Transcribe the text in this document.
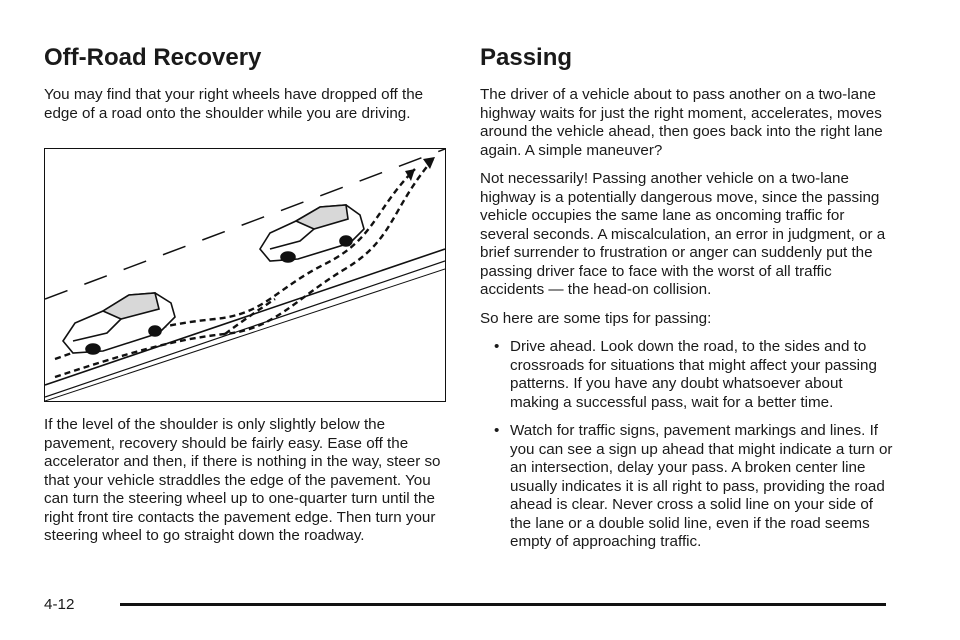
Off-Road Recovery

You may find that your right wheels have dropped off the edge of a road onto the shoulder while you are driving.

If the level of the shoulder is only slightly below the pavement, recovery should be fairly easy. Ease off the accelerator and then, if there is nothing in the way, steer so that your vehicle straddles the edge of the pavement. You can turn the steering wheel up to one-quarter turn until the right front tire contacts the pavement edge. Then turn your steering wheel to go straight down the roadway.

Passing

The driver of a vehicle about to pass another on a two-lane highway waits for just the right moment, accelerates, moves around the vehicle ahead, then goes back into the right lane again. A simple maneuver?

Not necessarily! Passing another vehicle on a two-lane highway is a potentially dangerous move, since the passing vehicle occupies the same lane as oncoming traffic for several seconds. A miscalculation, an error in judgment, or a brief surrender to frustration or anger can suddenly put the passing driver face to face with the worst of all traffic accidents — the head-on collision.

So here are some tips for passing:

• Drive ahead. Look down the road, to the sides and to crossroads for situations that might affect your passing patterns. If you have any doubt whatsoever about making a successful pass, wait for a better time.
• Watch for traffic signs, pavement markings and lines. If you can see a sign up ahead that might indicate a turn or an intersection, delay your pass. A broken center line usually indicates it is all right to pass, providing the road ahead is clear. Never cross a solid line on your side of the lane or a double solid line, even if the road seems empty of approaching traffic.
4-12
